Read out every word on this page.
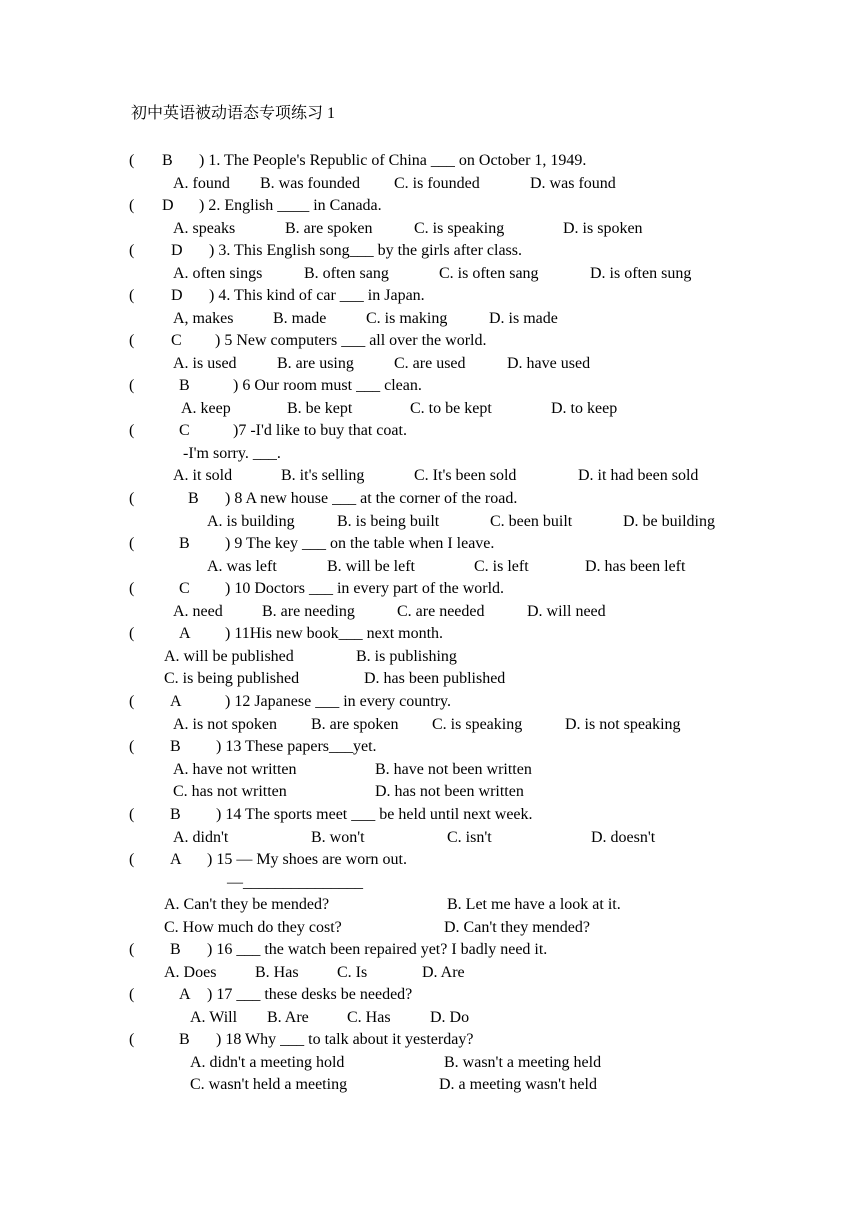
初中英语被动语态专项练习 1
( B ) 1. The People's Republic of China ___ on October 1, 1949.
A. found B. was founded C. is founded	D. was found
( D ) 2. English ____ in Canada.
A. speaks	B. are spoken	C. is speaking	D. is spoken
( D ) 3. This English song___ by the girls after class.
A. often sings	B. often sang	C. is often sang	D. is often sung
( D ) 4. This kind of car ___ in Japan.
A, makes B. made C. is making	D. is made
( C ) 5 New computers ___ all over the world.
A. is used	B. are using	C. are used	D. have used
(	B	) 6 Our room must ___ clean.
A. keep	B. be kept	C. to be kept	D. to keep
(	C	)7 -I'd like to buy that coat.
-I'm sorry. ___.
A. it sold	B. it's selling	C. It's been sold	D. it had been sold
(	B ) 8 A new house ___ at the corner of the road.
A. is building	B. is being built	C. been built	D. be building
(	B ) 9 The key ___ on the table when I leave.
A. was left	B. will be left	C. is left	D. has been left
(	C ) 10 Doctors ___ in every part of the world.
A. need B. are needing	C. are needed	D. will need
(	A ) 11His new book___ next month.
A. will be published	B. is publishing
C. is being published	D. has been published
( A	) 12 Japanese ___ in every country.
A. is not spoken B. are spoken C. is speaking	D. is not speaking
( B ) 13 These papers___yet.
A. have not written	B. have not been written
C. has not written	D. has not been written
( B ) 14 The sports meet ___ be held until next week.
A. didn't	B. won't	C. isn't	D. doesn't
( A ) 15 — My shoes are worn out.
—_______________
A. Can't they be mended?	B. Let me have a look at it.
C. How much do they cost?	D. Can't they mended?
( B ) 16 ___ the watch been repaired yet? I badly need it.
A. Does B. Has C. Is	D. Are
(	A ) 17 ___ these desks be needed?
A. Will B. Are C. Has D. Do
(	B ) 18 Why ___ to talk about it yesterday?
A. didn't a meeting hold	B. wasn't a meeting held
C. wasn't held a meeting	D. a meeting wasn't held
